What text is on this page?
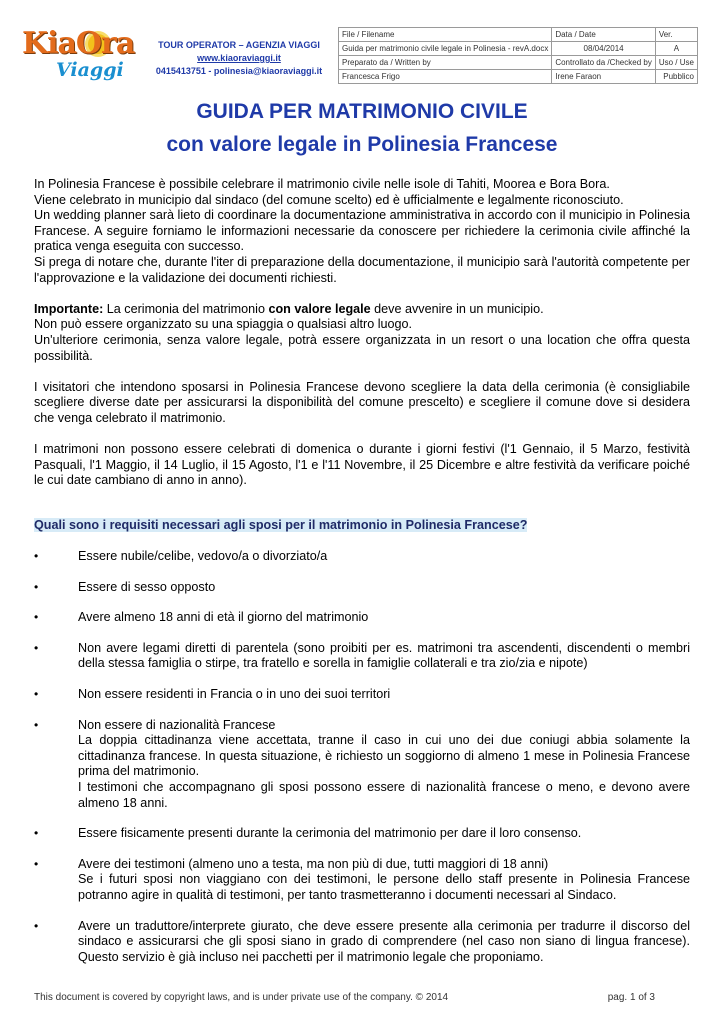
KiaOra
Viaggi
TOUR OPERATOR – AGENZIA VIAGGI
www.kiaoraviaggi.it
0415413751 - polinesia@kiaoraviaggi.it
File / Filename	Data / Date	Ver.
Guida per matrimonio civile legale in Polinesia - revA.docx	08/04/2014	A
Preparato da / Written by	Controllato da /Checked by	Uso / Use
Francesca Frigo	Irene Faraon	Pubblico
GUIDA PER MATRIMONIO CIVILE
con valore legale in Polinesia Francese

In Polinesia Francese è possibile celebrare il matrimonio civile nelle isole di Tahiti, Moorea e Bora Bora.

Viene celebrato in municipio dal sindaco (del comune scelto) ed è ufficialmente e legalmente riconosciuto.

Un wedding planner sarà lieto di coordinare la documentazione amministrativa in accordo con il municipio in Polinesia Francese. A seguire forniamo le informazioni necessarie da conoscere per richiedere la cerimonia civile affinché la pratica venga eseguita con successo.

Si prega di notare che, durante l'iter di preparazione della documentazione, il municipio sarà l'autorità competente per l'approvazione e la validazione dei documenti richiesti.

Importante: La cerimonia del matrimonio con valore legale deve avvenire in un municipio.

Non può essere organizzato su una spiaggia o qualsiasi altro luogo.

Un'ulteriore cerimonia, senza valore legale, potrà essere organizzata in un resort o una location che offra questa possibilità.

I visitatori che intendono sposarsi in Polinesia Francese devono scegliere la data della cerimonia (è consigliabile scegliere diverse date per assicurarsi la disponibilità del comune prescelto) e scegliere il comune dove si desidera che venga celebrato il matrimonio.

I matrimoni non possono essere celebrati di domenica o durante i giorni festivi (l'1 Gennaio, il 5 Marzo, festività Pasquali, l'1 Maggio, il 14 Luglio, il 15 Agosto, l'1 e l'11 Novembre, il 25 Dicembre e altre festività da verificare poiché le cui date cambiano di anno in anno).

Quali sono i requisiti necessari agli sposi per il matrimonio in Polinesia Francese?

•	Essere nubile/celibe, vedovo/a o divorziato/a

•	Essere di sesso opposto

•	Avere almeno 18 anni di età il giorno del matrimonio

•	Non avere legami diretti di parentela (sono proibiti per es. matrimoni tra ascendenti, discendenti o membri della stessa famiglia o stirpe, tra fratello e sorella in famiglie collaterali e tra zio/zia e nipote)

•	Non essere residenti in Francia o in uno dei suoi territori

•	Non essere di nazionalità Francese

La doppia cittadinanza viene accettata, tranne il caso in cui uno dei due coniugi abbia solamente la cittadinanza francese. In questa situazione, è richiesto un soggiorno di almeno 1 mese in Polinesia Francese prima del matrimonio.

I testimoni che accompagnano gli sposi possono essere di nazionalità francese o meno, e devono avere almeno 18 anni.

•	Essere fisicamente presenti durante la cerimonia del matrimonio per dare il loro consenso.

•	Avere dei testimoni (almeno uno a testa, ma non più di due, tutti maggiori di 18 anni)

Se i futuri sposi non viaggiano con dei testimoni, le persone dello staff presente in Polinesia Francese potranno agire in qualità di testimoni, per tanto trasmetteranno i documenti necessari al Sindaco.

•	Avere un traduttore/interprete giurato, che deve essere presente alla cerimonia per tradurre il discorso del sindaco e assicurarsi che gli sposi siano in grado di comprendere (nel caso non siano di lingua francese). Questo servizio è già incluso nei pacchetti per il matrimonio legale che proponiamo.

This document is covered by copyright laws, and is under private use of the company. © 2014	pag. 1 of 3
